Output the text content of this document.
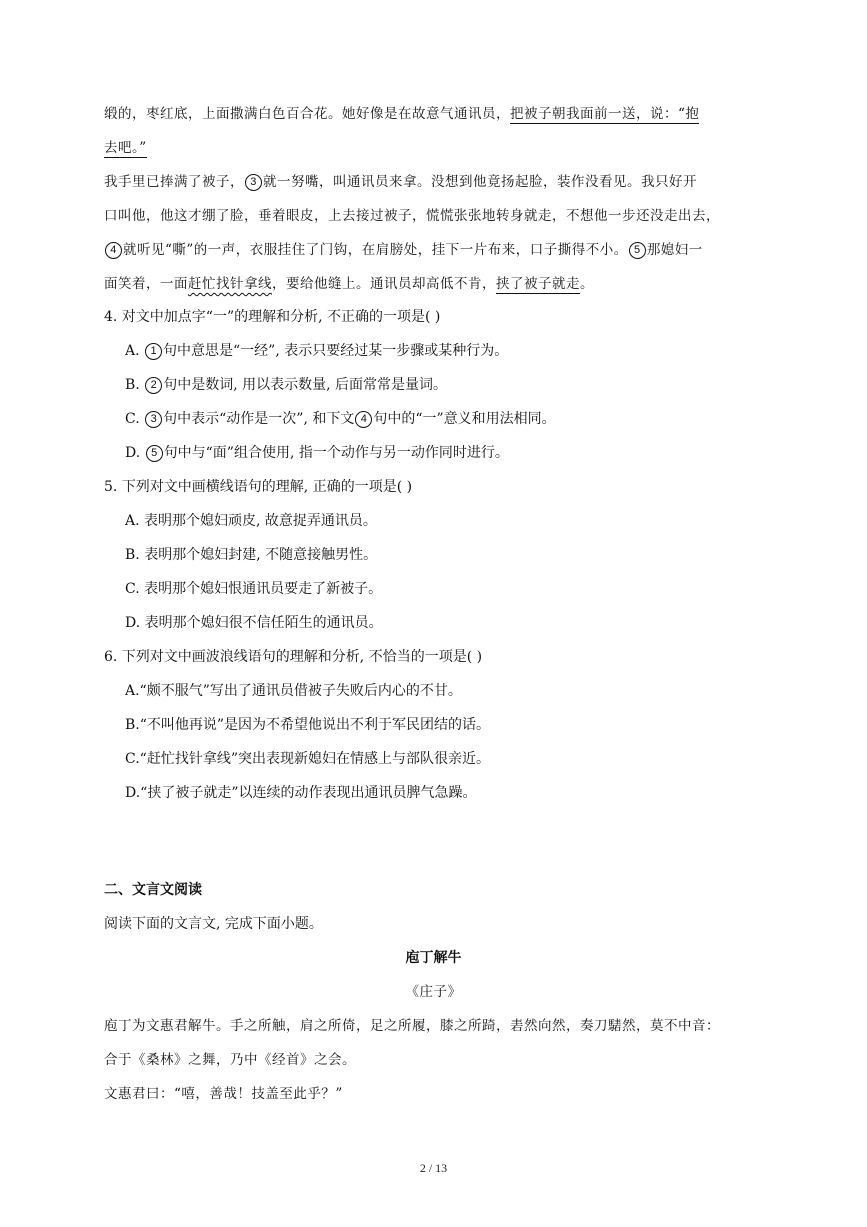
缎的，枣红底，上面撒满白色百合花。她好像是在故意气通讯员，把被子朝我面前一送，说：“抱
去吧。”
我手里已捧满了被子， 3 就一努嘴，叫通讯员来拿。没想到他竟扬起脸，装作没看见。我只好开
口叫他，他这才绷了脸，垂着眼皮，上去接过被子，慌慌张张地转身就走，不想他一步还没走出去，
4 就听见“嘶”的一声，衣服挂住了门钩，在肩膀处，挂下一片布来，口子撕得不小。 5 那媳妇一
面笑着，一面赶忙找针拿线，要给他缝上。通讯员却高低不肯，挟了被子就走。
4. 对文中加点字“一”的理解和分析, 不正确的一项是( )
A. 1 句中意思是“一经”, 表示只要经过某一步骤或某种行为。
B. 2 句中是数词, 用以表示数量, 后面常常是量词。
C. 3 句中表示“动作是一次”, 和下文 4 句中的“一”意义和用法相同。
D. 5 句中与“面”组合使用, 指一个动作与另一动作同时进行。
5. 下列对文中画横线语句的理解, 正确的一项是( )
A. 表明那个媳妇顽皮, 故意捉弄通讯员。
B. 表明那个媳妇封建, 不随意接触男性。
C. 表明那个媳妇恨通讯员要走了新被子。
D. 表明那个媳妇很不信任陌生的通讯员。
6. 下列对文中画波浪线语句的理解和分析, 不恰当的一项是( )
A.“颇不服气”写出了通讯员借被子失败后内心的不甘。
B.“不叫他再说”是因为不希望他说出不利于军民团结的话。
C.“赶忙找针拿线”突出表现新媳妇在情感上与部队很亲近。
D.“挟了被子就走”以连续的动作表现出通讯员脾气急躁。
二、文言文阅读
阅读下面的文言文, 完成下面小题。
庖丁解牛
《庄子》
庖丁为文惠君解牛。手之所触，肩之所倚，足之所履，膝之所踦，砉然向然，奏刀騞然，莫不中音：
合于《桑林》之舞，乃中《经首》之会。
文惠君曰：“嘻，善哉！技盖至此乎？”
2 / 13
